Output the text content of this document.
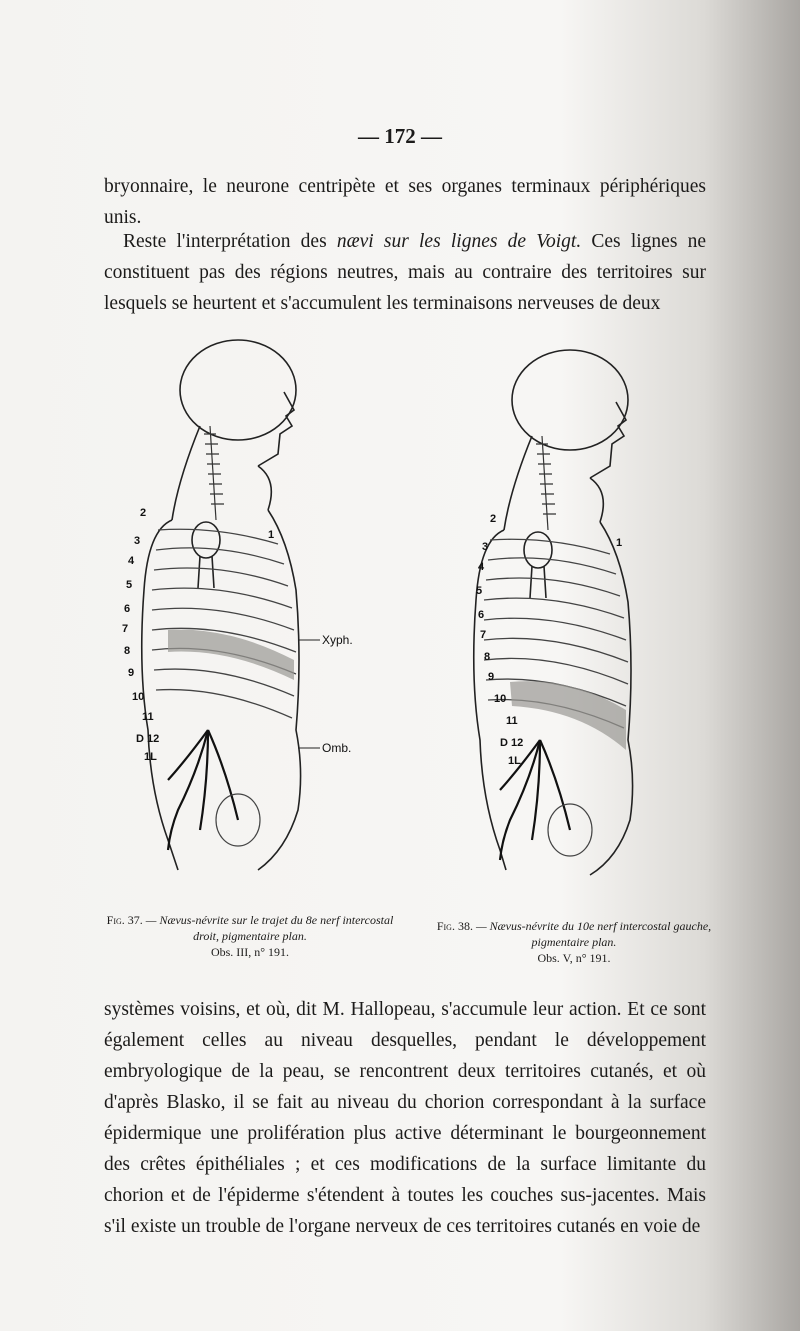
— 172 —

bryonnaire, le neurone centripète et ses organes terminaux périphériques unis.

Reste l'interprétation des nævi sur les lignes de Voigt. Ces lignes ne constituent pas des régions neutres, mais au contraire des territoires sur lesquels se heurtent et s'accumulent les terminaisons nerveuses de deux

2
3
4
5
6
7
8
9
10
11
D 12
1L
1
Xyph.
Omb.
2
3
4
5
6
7
8
9
10
11
D 12
1L
1
Fig. 37. — Nævus-névrite sur le trajet du 8e nerf intercostal droit, pigmentaire plan.
Obs. III, n° 191.
Fig. 38. — Nævus-névrite du 10e nerf intercostal gauche, pigmentaire plan.
Obs. V, n° 191.

systèmes voisins, et où, dit M. Hallopeau, s'accumule leur action. Et ce sont également celles au niveau desquelles, pendant le développement embryologique de la peau, se rencontrent deux territoires cutanés, et où d'après Blasko, il se fait au niveau du chorion correspondant à la surface épidermique une prolifération plus active déterminant le bourgeonnement des crêtes épithéliales ; et ces modifications de la surface limitante du chorion et de l'épiderme s'étendent à toutes les couches sus-jacentes. Mais s'il existe un trouble de l'organe nerveux de ces territoires cutanés en voie de
